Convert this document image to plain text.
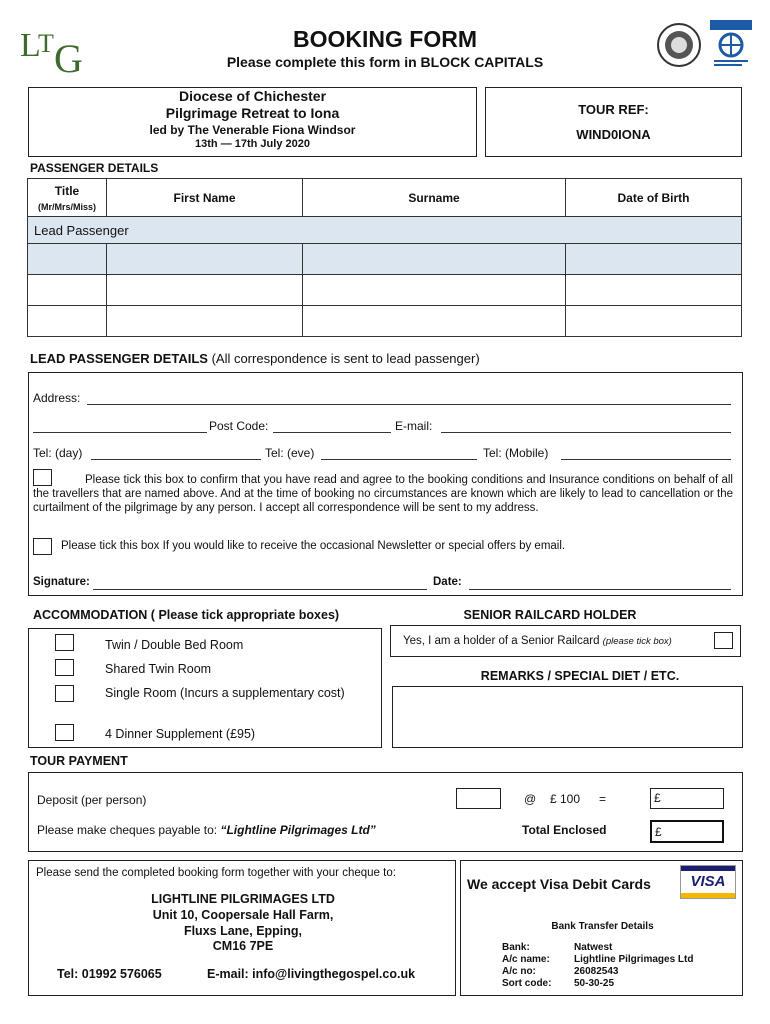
L
T G	BOOKING FORM
Please complete this form in BLOCK CAPITALS
Diocese of Chichester
Pilgrimage Retreat to Iona
led by The Venerable Fiona Windsor
13th — 17th July 2020
TOUR REF:
WIND0IONA
PASSENGER DETAILS
Title
(Mr/Mrs/Miss)	First Name	Surname	Date of Birth
Lead Passenger			

LEAD PASSENGER DETAILS (All correspondence is sent to lead passenger)
Address:
Post Code:	E-mail:
Tel: (day)	Tel: (eve)	Tel: (Mobile)
Please tick this box to confirm that you have read and agree to the booking conditions and Insurance conditions on behalf of all the travellers that are named above. And at the time of booking no circumstances are known which are likely to lead to cancellation or the curtailment of the pilgrimage by any person. I accept all correspondence will be sent to my address.
Please tick this box If you would like to receive the occasional Newsletter or special offers by email.
Signature:	Date:
ACCOMMODATION ( Please tick appropriate boxes)
Twin / Double Bed Room
Shared Twin Room
Single Room (Incurs a supplementary cost)
4 Dinner Supplement (£95)
SENIOR RAILCARD HOLDER
Yes, I am a holder of a Senior Railcard (please tick box)
REMARKS / SPECIAL DIET / ETC.
TOUR PAYMENT
Deposit (per person)	@ £ 100 =	£
Please make cheques payable to: “Lightline Pilgrimages Ltd”	Total Enclosed	£
Please send the completed booking form together with your cheque to:
LIGHTLINE PILGRIMAGES LTD
Unit 10, Coopersale Hall Farm,
Fluxs Lane, Epping,
CM16 7PE
Tel: 01992 576065	E-mail: info@livingthegospel.co.uk
We accept Visa Debit Cards	VISA
Bank Transfer Details
Bank:	Natwest
A/c name: Lightline Pilgrimages Ltd
A/c no:	26082543
Sort code: 50-30-25
